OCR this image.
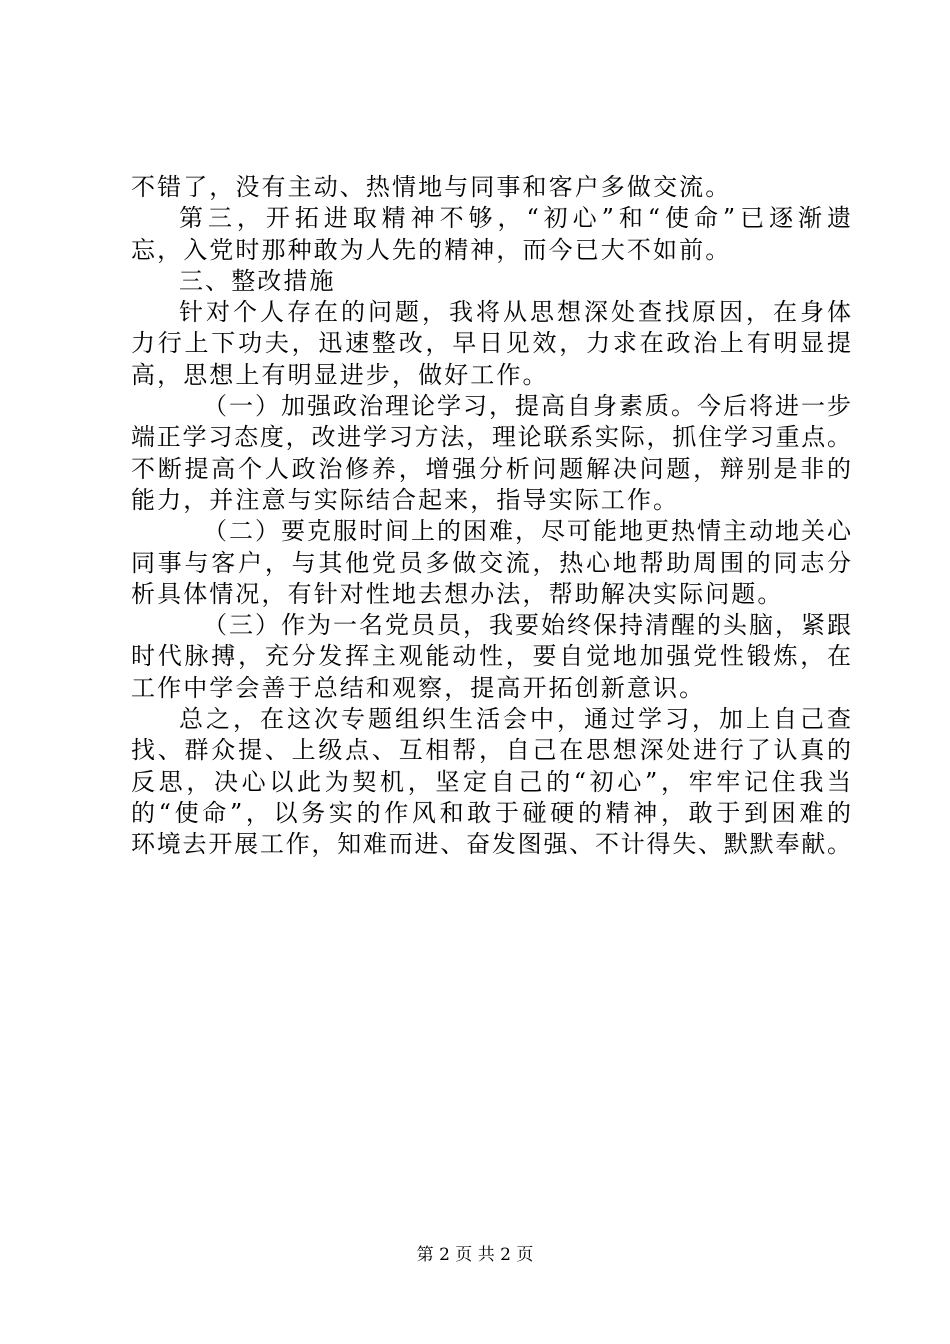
不错了，没有主动、热情地与同事和客户多做交流。
第三，开拓进取精神不够，“初心”和“使命”已逐渐遗
忘，入党时那种敢为人先的精神，而今已大不如前。
三、整改措施
针对个人存在的问题，我将从思想深处查找原因，在身体
力行上下功夫，迅速整改，早日见效，力求在政治上有明显提
高，思想上有明显进步，做好工作。
（一）加强政治理论学习，提高自身素质。今后将进一步
端正学习态度，改进学习方法，理论联系实际，抓住学习重点。
不断提高个人政治修养，增强分析问题解决问题，辩别是非的
能力，并注意与实际结合起来，指导实际工作。
（二）要克服时间上的困难，尽可能地更热情主动地关心
同事与客户，与其他党员多做交流，热心地帮助周围的同志分
析具体情况，有针对性地去想办法，帮助解决实际问题。
（三）作为一名党员员，我要始终保持清醒的头脑，紧跟
时代脉搏，充分发挥主观能动性，要自觉地加强党性锻炼，在
工作中学会善于总结和观察，提高开拓创新意识。
总之，在这次专题组织生活会中，通过学习，加上自己查
找、群众提、上级点、互相帮，自己在思想深处进行了认真的
反思，决心以此为契机，坚定自己的“初心”，牢牢记住我当
的“使命”，以务实的作风和敢于碰硬的精神，敢于到困难的
环境去开展工作，知难而进、奋发图强、不计得失、默默奉献。
第 2 页 共 2 页
